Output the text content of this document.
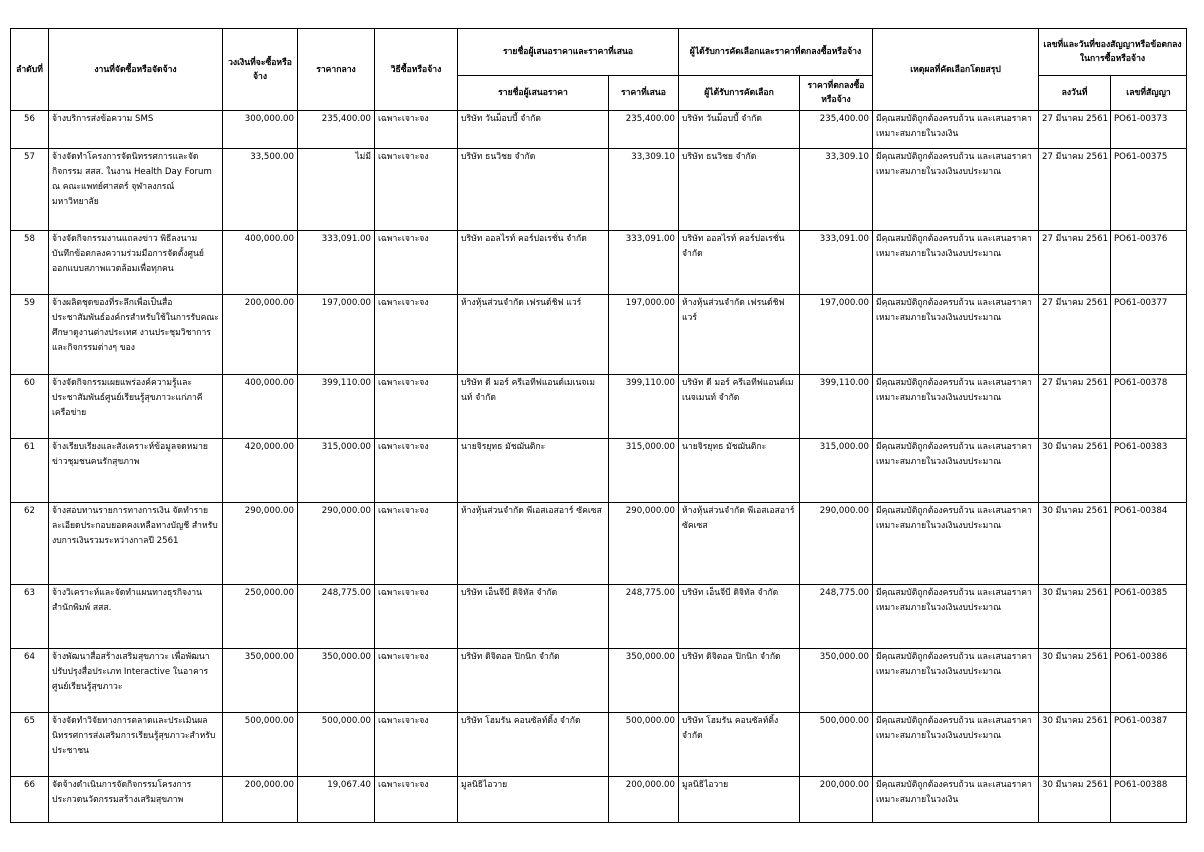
ลำดับที่	งานที่จัดซื้อหรือจัดจ้าง	วงเงินที่จะซื้อหรือจ้าง	ราคากลาง	วิธีซื้อหรือจ้าง	รายชื่อผู้เสนอราคาและราคาที่เสนอ		ผู้ได้รับการคัดเลือกและราคาที่ตกลงซื้อหรือจ้าง		เหตุผลที่คัดเลือกโดยสรุป	เลขที่และวันที่ของสัญญาหรือข้อตกลงในการซื้อหรือจ้าง	
					รายชื่อผู้เสนอราคา	ราคาที่เสนอ	ผู้ได้รับการคัดเลือก	ราคาที่ตกลงซื้อหรือจ้าง		ลงวันที่	เลขที่สัญญา
56	จ้างบริการส่งข้อความ SMS	300,000.00	235,400.00	เฉพาะเจาะจง	บริษัท วันม็อบบี้ จำกัด	235,400.00	บริษัท วันม็อบบี้ จำกัด	235,400.00	มีคุณสมบัติถูกต้องครบถ้วน และเสนอราคาเหมาะสมภายในวงเงิน	27 มีนาคม 2561	PO61-00373
57	จ้างจัดทำโครงการจัดนิทรรศการและจัดกิจกรรม สสส. ในงาน Health Day Forum ณ คณะแพทย์ศาสตร์ จุฬาลงกรณ์มหาวิทยาลัย	33,500.00	ไม่มี	เฉพาะเจาะจง	บริษัท ธนวิชย จำกัด	33,309.10	บริษัท ธนวิชย จำกัด	33,309.10	มีคุณสมบัติถูกต้องครบถ้วน และเสนอราคาเหมาะสมภายในวงเงินงบประมาณ	27 มีนาคม 2561	PO61-00375
58	จ้างจัดกิจกรรมงานแถลงข่าว พิธีลงนามบันทึกข้อตกลงความร่วมมือการจัดตั้งศูนย์ออกแบบสภาพแวดล้อมเพื่อทุกคน	400,000.00	333,091.00	เฉพาะเจาะจง	บริษัท ออลไรท์ คอร์ปอเรชั่น จำกัด	333,091.00	บริษัท ออลไรท์ คอร์ปอเรชั่น จำกัด	333,091.00	มีคุณสมบัติถูกต้องครบถ้วน และเสนอราคาเหมาะสมภายในวงเงินงบประมาณ	27 มีนาคม 2561	PO61-00376
59	จ้างผลิตชุดของที่ระลึกเพื่อเป็นสื่อประชาสัมพันธ์องค์กรสำหรับใช้ในการรับคณะศึกษาดูงานต่างประเทศ งานประชุมวิชาการ และกิจกรรมต่างๆ ของ	200,000.00	197,000.00	เฉพาะเจาะจง	ห้างหุ้นส่วนจำกัด เฟรนด์ชิฟ แวร์	197,000.00	ห้างหุ้นส่วนจำกัด เฟรนด์ชิฟ แวร์	197,000.00	มีคุณสมบัติถูกต้องครบถ้วน และเสนอราคาเหมาะสมภายในวงเงินงบประมาณ	27 มีนาคม 2561	PO61-00377
60	จ้างจัดกิจกรรมเผยแพร่องค์ความรู้และประชาสัมพันธ์ศูนย์เรียนรู้สุขภาวะแก่ภาคีเครือข่าย	400,000.00	399,110.00	เฉพาะเจาะจง	บริษัท ดี มอร์ ครีเอทีฟแอนด์เมเนจเมนท์ จำกัด	399,110.00	บริษัท ดี มอร์ ครีเอทีฟแอนด์เมเนจเมนท์ จำกัด	399,110.00	มีคุณสมบัติถูกต้องครบถ้วน และเสนอราคาเหมาะสมภายในวงเงินงบประมาณ	27 มีนาคม 2561	PO61-00378
61	จ้างเรียบเรียงและสังเคราะห์ข้อมูลจดหมายข่าวชุมชนคนรักสุขภาพ	420,000.00	315,000.00	เฉพาะเจาะจง	นายจิรยุทธ มัชฌันติกะ	315,000.00	นายจิรยุทธ มัชฌันติกะ	315,000.00	มีคุณสมบัติถูกต้องครบถ้วน และเสนอราคาเหมาะสมภายในวงเงินงบประมาณ	30 มีนาคม 2561	PO61-00383
62	จ้างสอบทานรายการทางการเงิน จัดทำรายละเอียดประกอบยอดคงเหลือทางบัญชี สำหรับงบการเงินรวมระหว่างกาลปี 2561	290,000.00	290,000.00	เฉพาะเจาะจง	ห้างหุ้นส่วนจำกัด พีเอสเอสอาร์ ซัคเซส	290,000.00	ห้างหุ้นส่วนจำกัด พีเอสเอสอาร์ ซัคเซส	290,000.00	มีคุณสมบัติถูกต้องครบถ้วน และเสนอราคาเหมาะสมภายในวงเงินงบประมาณ	30 มีนาคม 2561	PO61-00384
63	จ้างวิเคราะห์และจัดทำแผนทางธุรกิจงานสำนักพิมพ์ สสส.	250,000.00	248,775.00	เฉพาะเจาะจง	บริษัท เอ็นจีบี ดิจิทัล จำกัด	248,775.00	บริษัท เอ็นจีบี ดิจิทัล จำกัด	248,775.00	มีคุณสมบัติถูกต้องครบถ้วน และเสนอราคาเหมาะสมภายในวงเงินงบประมาณ	30 มีนาคม 2561	PO61-00385
64	จ้างพัฒนาสื่อสร้างเสริมสุขภาวะ เพื่อพัฒนา ปรับปรุงสื่อประเภท Interactive ในอาคารศูนย์เรียนรู้สุขภาวะ	350,000.00	350,000.00	เฉพาะเจาะจง	บริษัท ดิจิตอล ปิกนิก จำกัด	350,000.00	บริษัท ดิจิตอล ปิกนิก จำกัด	350,000.00	มีคุณสมบัติถูกต้องครบถ้วน และเสนอราคาเหมาะสมภายในวงเงินงบประมาณ	30 มีนาคม 2561	PO61-00386
65	จ้างจัดทำวิจัยทางการตลาดและประเมินผลนิทรรศการส่งเสริมการเรียนรู้สุขภาวะสำหรับประชาชน	500,000.00	500,000.00	เฉพาะเจาะจง	บริษัท โฮมรัน คอนซัลท์ติ้ง จำกัด	500,000.00	บริษัท โฮมรัน คอนซัลท์ติ้ง จำกัด	500,000.00	มีคุณสมบัติถูกต้องครบถ้วน และเสนอราคาเหมาะสมภายในวงเงินงบประมาณ	30 มีนาคม 2561	PO61-00387
66	จัดจ้างดำเนินการจัดกิจกรรมโครงการประกวดนวัตกรรมสร้างเสริมสุขภาพ	200,000.00	19,067.40	เฉพาะเจาะจง	มูลนิธิไอวาย	200,000.00	มูลนิธิไอวาย	200,000.00	มีคุณสมบัติถูกต้องครบถ้วน และเสนอราคาเหมาะสมภายในวงเงิน	30 มีนาคม 2561	PO61-00388
